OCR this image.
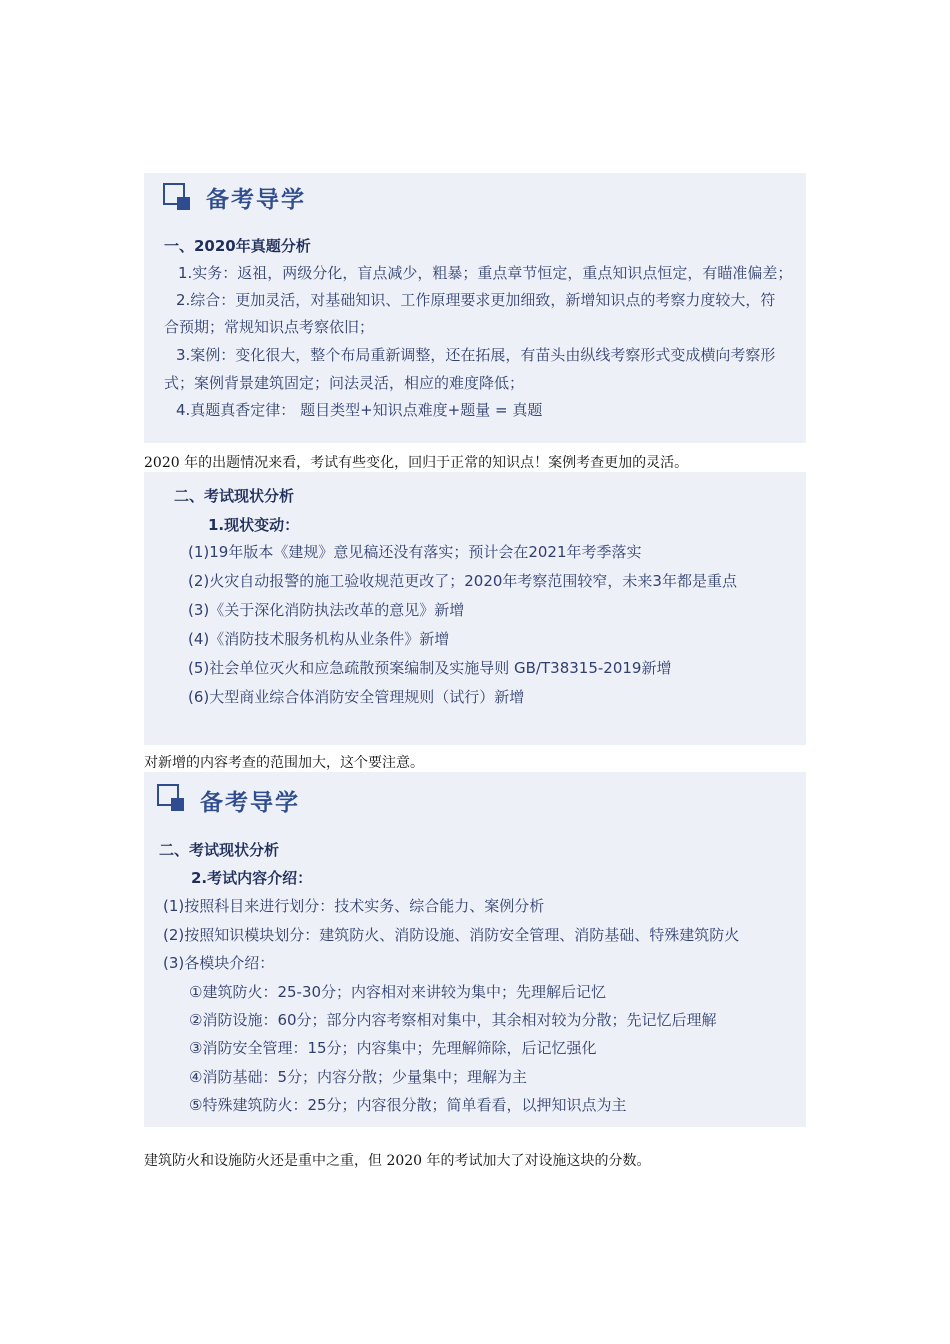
备考导学
一、2020年真题分析
1.实务：返祖，两级分化，盲点减少，粗暴；重点章节恒定，重点知识点恒定，有瞄准偏差；
2.综合：更加灵活，对基础知识、工作原理要求更加细致，新增知识点的考察力度较大，符
合预期；常规知识点考察依旧；
3.案例：变化很大，整个布局重新调整，还在拓展，有苗头由纵线考察形式变成横向考察形
式；案例背景建筑固定；问法灵活，相应的难度降低；
4.真题真香定律： 题目类型+知识点难度+题量 = 真题
2020 年的出题情况来看，考试有些变化，回归于正常的知识点！案例考查更加的灵活。
二、考试现状分析
1.现状变动：
(1)19年版本《建规》意见稿还没有落实；预计会在2021年考季落实
(2)火灾自动报警的施工验收规范更改了；2020年考察范围较窄，未来3年都是重点
(3)《关于深化消防执法改革的意见》新增
(4)《消防技术服务机构从业条件》新增
(5)社会单位灭火和应急疏散预案编制及实施导则 GB/T38315-2019新增
(6)大型商业综合体消防安全管理规则（试行）新增
对新增的内容考查的范围加大，这个要注意。
备考导学
二、考试现状分析
2.考试内容介绍：
(1)按照科目来进行划分：技术实务、综合能力、案例分析
(2)按照知识模块划分：建筑防火、消防设施、消防安全管理、消防基础、特殊建筑防火
(3)各模块介绍：
①建筑防火：25-30分；内容相对来讲较为集中；先理解后记忆
②消防设施：60分；部分内容考察相对集中，其余相对较为分散；先记忆后理解
③消防安全管理：15分；内容集中；先理解筛除，后记忆强化
④消防基础：5分；内容分散；少量集中；理解为主
⑤特殊建筑防火：25分；内容很分散；简单看看，以押知识点为主
建筑防火和设施防火还是重中之重，但 2020 年的考试加大了对设施这块的分数。
